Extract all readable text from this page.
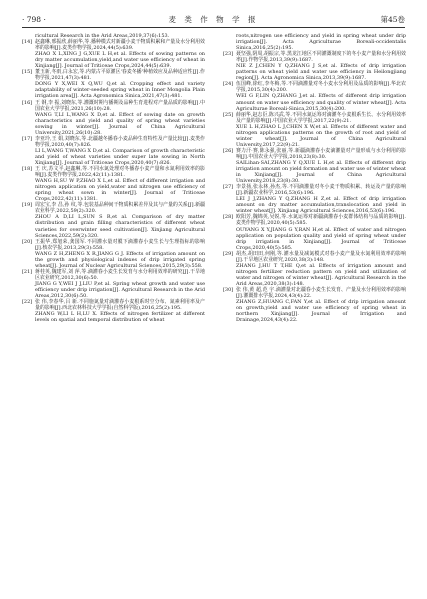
· 798 ·	麦 类 作 物 学 报	第45卷

ricultural Research in the Arid Areas,2019,37(6):153.

[14] 赵鑫琳,邢振欣,薛丽华,等.播种模式对新疆小麦干物质积累和产量及水分利用效率的影响[J].麦类作物学报,2024,44(5):639.

ZHAO X L,XING J G,XUE L H,et al. Effects of sowing patterns on dry matter accumulation,yield,and water use efficiency of wheat in Xinjiang[J]. Journal of Triticeae Crops,2024,44(5):639.

[15] 董玉新,冬雨,白永宏,等.内蒙古平原灌区'春麦冬播'种植效应及品种适应性[J].作物学报,2021,47(3):481.

DONG Y X,WEI X Q,WU Q,et al. Cropping effect and variety adaptability of winter-seeded spring wheat in Inner Mongolia Plain irrigation area[J]. Acta Agronomica Sinica,2021,47(3):481.

[16] 王 钢,李 振,刘晓东,等.灌溉时期与播期及品种生育进程对产量品质的影响[J].中国农业大学学报,2021,26(10):28.

WANG T,LI L,WANG X D,et al. Effect of sowing date on growth characteristics and yield and quality of spring wheat varieties sowing in winter[J]. Journal of China Agricultural University,2021,26(10):28.

[17] 李亚玲,王 娟,刘晓东,等.北疆越冬播春小麦品种生育特性及产量比较[J].麦类作物学报,2020,40(7):826.

LI L,WANG T,WANG X D,et al. Comparison of growth characteristic and yield of wheat varieties under super late sowing in North Xinjiang[J]. Journal of Triticeae Crops,2020,40(7):826.

[18] 王 庆,苏文平,赵鑫琳,等.不同水氮处理对冬播春小麦产量和水氮利用效率的影响[J].麦类作物学报,2022,42(11):1381.

WANG H,SU W P,ZHAO X L,et al. Effect of different irrigation and nitrogen application on yield,water and nitrogen use efficiency of spring wheat sown in winter[J]. Journal of Triticeae Crops,2022,42(11):1381.

[19] 周宏宝,李 昌,孙 纹,等.包装基品种间干物质积累差异及其与产量的关系[J].新疆农业科学,2022,59(2):320.

ZHOU A D,LI L,SUN S R,et al. Comparison of dry matter distribution and grain filling characteristics of different wheat varieties for overwinter seed cultivation[J]. Xinjiang Agricultural Sciences,2022,59(2):320.

[20] 王振华,郑旭荣,龚国军.不同灌水量对膜下滴灌春小麦生长与生理指标的影响[J].核农学报,2013,29(3):558.

WANG Z H,ZHENG X R,JIANG G J. Effects of irrigation amount on the growth and physiological indexes of drip irrigated spring wheat[J]. Journal of Nuclear Agricultural Sciences,2015,29(3):558.

[21] 蒋桂英,魏建军,刘 萍,等.滴灌春小麦生长发育与水分利用效率的研究[J].干旱地区农业研究,2012,30(6):50.

JIANG G Y,WEI J J,LIU P,et al. Spring wheat growth and water use efficiency under drip irrigation[J]. Agricultural Research in the Arid Areas,2012,30(6):50.

[22] 张 伟,李春华,吕 新.不同施氮量对滴灌春小麦根系时空分布、氮素利用率及产量的影响[J].西北农林科技大学学报(自然科学版),2016,25(2):195.

ZHANG W,LI L H,LU X. Effects of nitrogen fertilizer at different levels on spatial and temporal distribution of wheat

roots,nitrogen use efficiency and yield in spring wheat under drip irrigation[J]. Acta Agriculturae Boreali-occidentalis Sinica,2016,25(2):195.

[23] 聂坚强,阴周,胡振宗,等.黑龙江地区不同灌溉制度下的冬小麦产量和水分利用效率[J].作物学报,2013,39(9):1687.

NIE Z J,CHEN Y Q,ZHANG J S,et al. Effects of drip irrigation patterns on wheat yield and water use efficiency in Heilongjiang region[J]. Acta Agronomica Sinica,2013,39(9):1687.

[24] 伍国峰,徐红,李冬梅,等.不同滴灌量对冬小麦水分利用及品质的影响[J].华北农学报,2015,30(4):200.

WEI G F,LIN Q,ZHANG J,et al. Effects of different drip irrigation amount on water use efficiency and quality of winter wheat[J]. Acta Agriculturae Boreali-Sinica,2015,30(4):200.

[25] 薛丽华,赵志臣,陈兴武,等.不同水氮运筹对滴灌冬小麦根系生长、水分利用效率及产量的影响[J].中国农业大学学报,2017,22(9):21.

XUE L H,ZHAO L J,CHEN X W,et al. Effects of different water and nitrogen applications patterns on the growth of root and yield of winter wheat[J]. Journal of China Agricultural University,2017,22(9):21.

[26] 赛力汗·赛,陈永强,张丽,等.新疆滴灌春小麦滴灌量对产量形成与水分利用的影响[J].中国农业大学学报,2018,23(8):30.

SAILihan·SAI,ZHANG Y Q,XUE L H,et al. Effects of different drip irrigation amount on yield formation and water use of winter wheat in Xinjiang[J]. Journal of China Agricultural University,2018,23(8):30.

[27] 李景扬,张永林,孙杰,等.不同滴灌量对冬小麦干物质积累、转运及产量的影响[J].新疆农业科学,2016,53(6):196.

LEI J J,ZHANG Y Q,ZHANG H Z,et al. Effect of drip irrigation amount on dry matter accumulation,translocation and yield in winter wheat[J]. Xinjiang Agricultural Sciences,2016,53(6):196.

[28] 欧阳芳,魏锦英,吴锐,等.水氮运筹对新疆滴灌春小麦群体结构与品质的影响[J].麦类作物学报,2020,40(5):585.

OUYANG X Y,JIANG G Y,RAN H,et al. Effect of water and nitrogen application on population quality and yield of spring wheat under drip irrigation in Xinjiang[J]. Journal of Triticeae Crops,2020,40(5):585.

[29] 胡杰,胡田田,何刚,等.灌水量及减氮模式对春小麦产量及水氮利用效率的影响[J].干旱地区农业研究,2020,38(3):148.

ZHANG J,HU T T,HE Q,et al. Effects of irrigation amount and nitrogen fertilizer reduction pattern on yield and utilization of water and nitrogen of winter wheat[J]. Agricultural Research in the Arid Areas,2020,38(3):148.

[30] 张 伟,黄 超,范 宇.滴灌量对北疆春小麦生长发育、产量及水分利用效率的影响[J].灌溉排水学报,2024,43(4):22.

ZHANG Z,HUANG C,FAN Y,et al. Effect of drip irrigation amount on growth,yield and water use efficiency of spring wheat in northern Xinjiang[J]. Journal of Irrigation and Drainage,2024,43(4):22.
